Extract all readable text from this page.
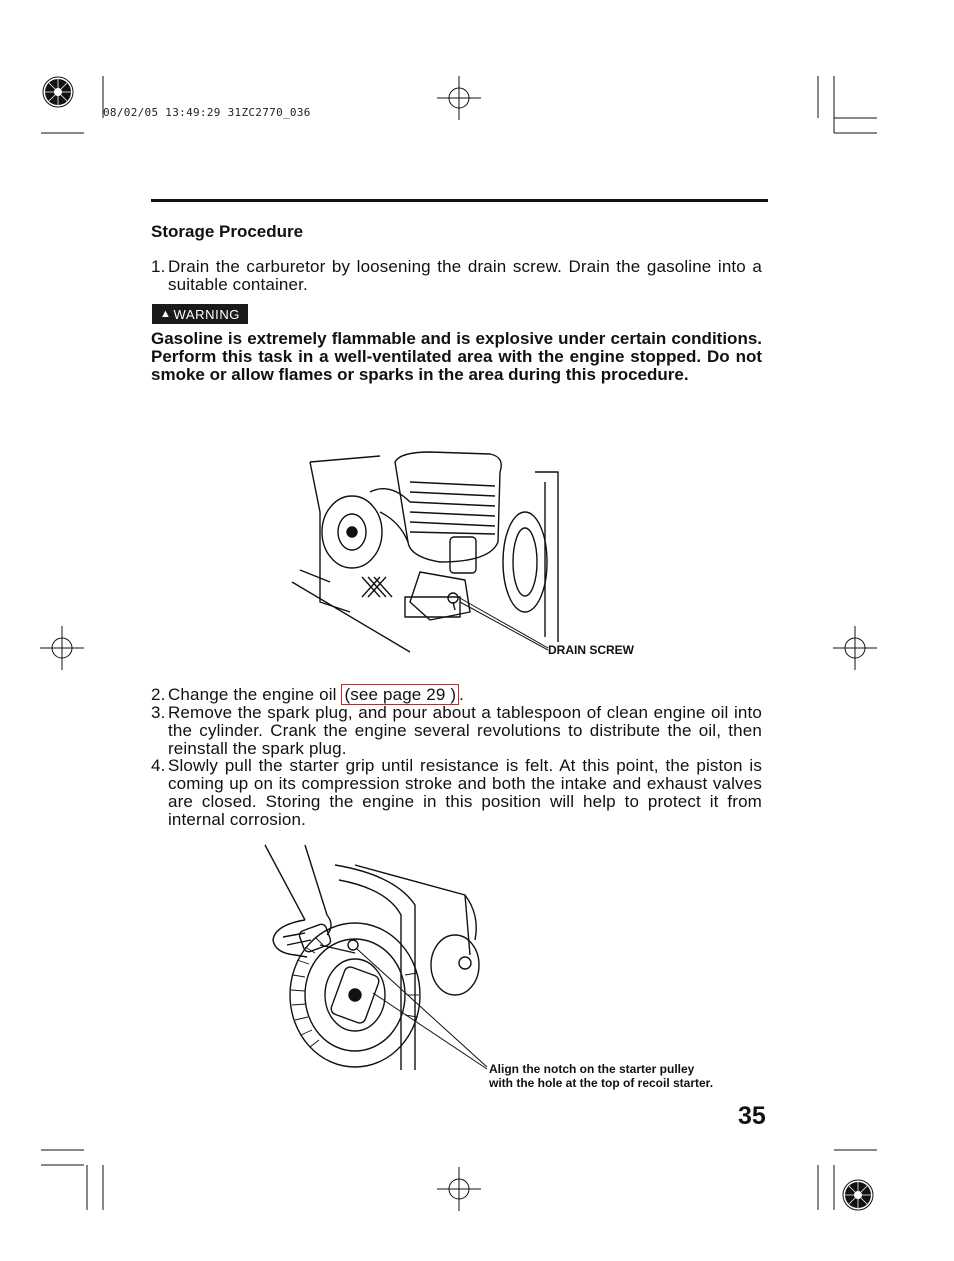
08/02/05 13:49:29 31ZC2770_036
Storage Procedure
1. Drain the carburetor by loosening the drain screw. Drain the gasoline into a suitable container.
▲ WARNING
Gasoline is extremely flammable and is explosive under certain conditions. Perform this task in a well-ventilated area with the engine stopped. Do not smoke or allow flames or sparks in the area during this procedure.
DRAIN SCREW
2. Change the engine oil (see page 29 ) .
3. Remove the spark plug, and pour about a tablespoon of clean engine oil into the cylinder. Crank the engine several revolutions to distribute the oil, then reinstall the spark plug.
4. Slowly pull the starter grip until resistance is felt. At this point, the piston is coming up on its compression stroke and both the intake and exhaust valves are closed. Storing the engine in this position will help to protect it from internal corrosion.
Align the notch on the starter pulley
with the hole at the top of recoil starter.
35
